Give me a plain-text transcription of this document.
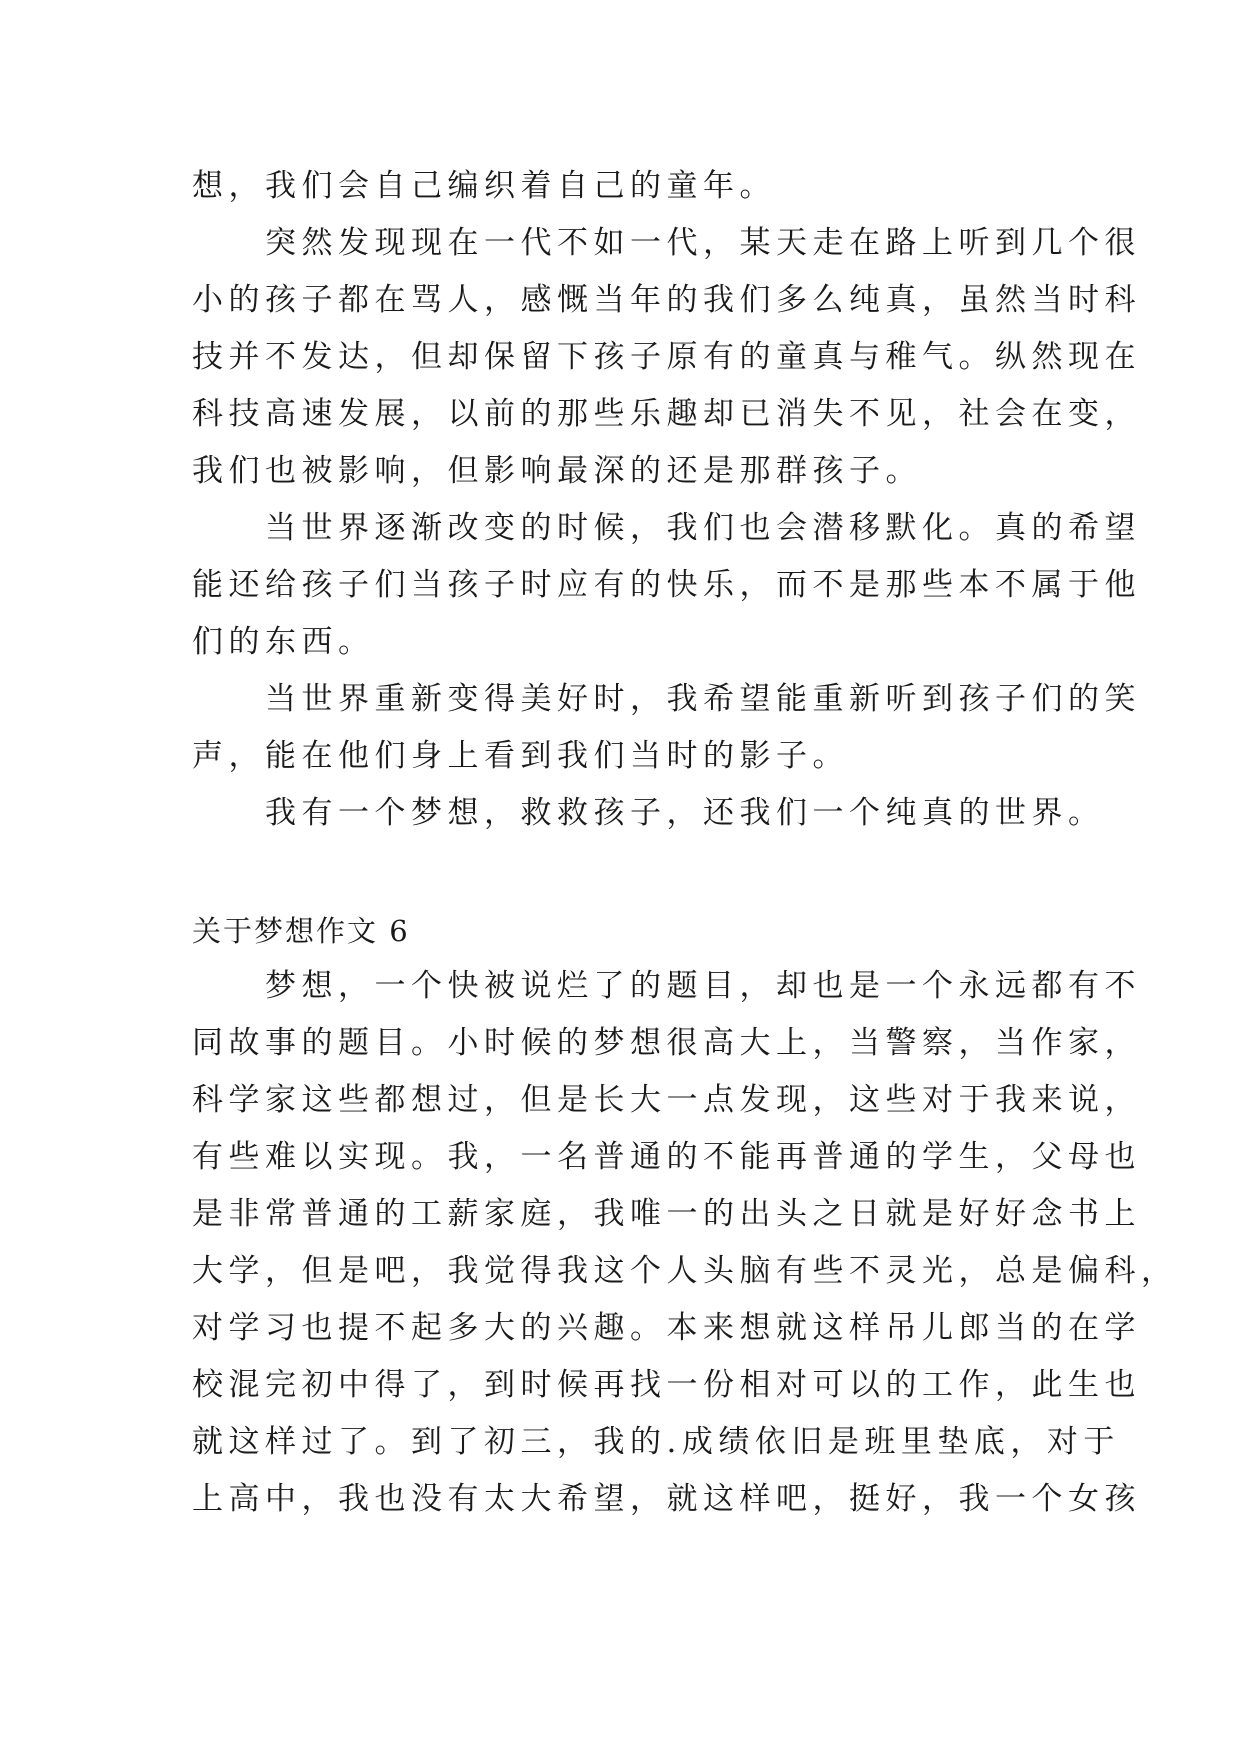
想，我们会自己编织着自己的童年。
　　突然发现现在一代不如一代，某天走在路上听到几个很
小的孩子都在骂人，感慨当年的我们多么纯真，虽然当时科
技并不发达，但却保留下孩子原有的童真与稚气。纵然现在
科技高速发展，以前的那些乐趣却已消失不见，社会在变，
我们也被影响，但影响最深的还是那群孩子。
　　当世界逐渐改变的时候，我们也会潜移默化。真的希望
能还给孩子们当孩子时应有的快乐，而不是那些本不属于他
们的东西。
　　当世界重新变得美好时，我希望能重新听到孩子们的笑
声，能在他们身上看到我们当时的影子。
　　我有一个梦想，救救孩子，还我们一个纯真的世界。
关于梦想作文 6
　　梦想，一个快被说烂了的题目，却也是一个永远都有不
同故事的题目。小时候的梦想很高大上，当警察，当作家，
科学家这些都想过，但是长大一点发现，这些对于我来说，
有些难以实现。我，一名普通的不能再普通的学生，父母也
是非常普通的工薪家庭，我唯一的出头之日就是好好念书上
大学，但是吧，我觉得我这个人头脑有些不灵光，总是偏科，
对学习也提不起多大的兴趣。本来想就这样吊儿郎当的在学
校混完初中得了，到时候再找一份相对可以的工作，此生也
就这样过了。到了初三，我的.成绩依旧是班里垫底，对于
上高中，我也没有太大希望，就这样吧，挺好，我一个女孩
